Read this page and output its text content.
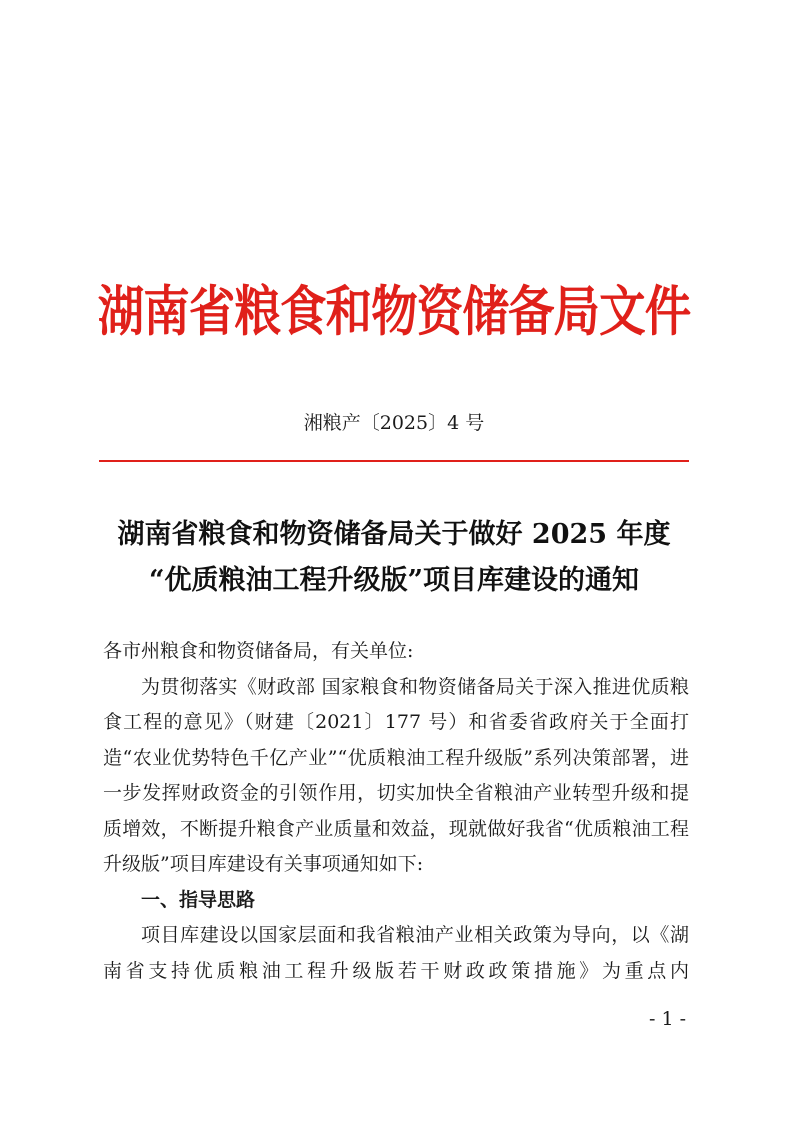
湖南省粮食和物资储备局文件
湘粮产〔2025〕4 号
湖南省粮食和物资储备局关于做好 2025 年度
“优质粮油工程升级版”项目库建设的通知

各市州粮食和物资储备局，有关单位:

为贯彻落实《财政部 国家粮食和物资储备局关于深入推进优质粮食工程的意见》（财建〔2021〕177 号）和省委省政府关于全面打造“农业优势特色千亿产业”“优质粮油工程升级版”系列决策部署，进一步发挥财政资金的引领作用，切实加快全省粮油产业转型升级和提质增效，不断提升粮食产业质量和效益，现就做好我省“优质粮油工程升级版”项目库建设有关事项通知如下:

一、指导思路

项目库建设以国家层面和我省粮油产业相关政策为导向，以《湖南省支持优质粮油工程升级版若干财政政策措施》为重点内

- 1 -
